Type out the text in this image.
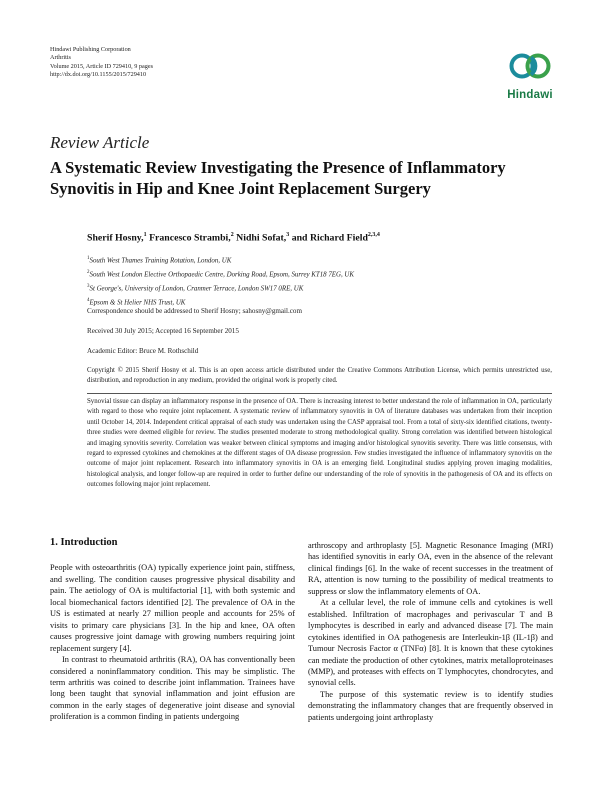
Hindawi Publishing Corporation
Arthritis
Volume 2015, Article ID 729410, 9 pages
http://dx.doi.org/10.1155/2015/729410
Hindawi
Review Article
A Systematic Review Investigating the Presence of Inflammatory Synovitis in Hip and Knee Joint Replacement Surgery
Sherif Hosny,$^1$ Francesco Strambi,$^2$ Nidhi Sofat,$^3$ and Richard Field$^{2,3,4}$
$^1$South West Thames Training Rotation, London, UK
$^2$South West London Elective Orthopaedic Centre, Dorking Road, Epsom, Surrey KT18 7EG, UK
$^3$St George's, University of London, Cranmer Terrace, London SW17 0RE, UK
$^4$Epsom & St Helier NHS Trust, UK
Correspondence should be addressed to Sherif Hosny; sahosny@gmail.com
Received 30 July 2015; Accepted 16 September 2015
Academic Editor: Bruce M. Rothschild
Copyright © 2015 Sherif Hosny et al. This is an open access article distributed under the Creative Commons Attribution License, which permits unrestricted use, distribution, and reproduction in any medium, provided the original work is properly cited.
Synovial tissue can display an inflammatory response in the presence of OA. There is increasing interest to better understand the role of inflammation in OA, particularly with regard to those who require joint replacement. A systematic review of inflammatory synovitis in OA of literature databases was undertaken from their inception until October 14, 2014. Independent critical appraisal of each study was undertaken using the CASP appraisal tool. From a total of sixty-six identified citations, twenty-three studies were deemed eligible for review. The studies presented moderate to strong methodological quality. Strong correlation was identified between histological and imaging synovitis severity. Correlation was weaker between clinical symptoms and imaging and/or histological synovitis severity. There was little consensus, with regard to expressed cytokines and chemokines at the different stages of OA disease progression. Few studies investigated the influence of inflammatory synovitis on the outcome of major joint replacement. Research into inflammatory synovitis in OA is an emerging field. Longitudinal studies applying proven imaging modalities, histological analysis, and longer follow-up are required in order to further define our understanding of the role of synovitis in the pathogenesis of OA and its effects on outcomes following major joint replacement.
1. Introduction

People with osteoarthritis (OA) typically experience joint pain, stiffness, and swelling. The condition causes progressive physical disability and pain. The aetiology of OA is multifactorial [1], with both systemic and local biomechanical factors identified [2]. The prevalence of OA in the US is estimated at nearly 27 million people and accounts for 25% of visits to primary care physicians [3]. In the hip and knee, OA often causes progressive joint damage with growing numbers requiring joint replacement surgery [4].

In contrast to rheumatoid arthritis (RA), OA has conventionally been considered a noninflammatory condition. This may be simplistic. The term arthritis was coined to describe joint inflammation. Trainees have long been taught that synovial inflammation and joint effusion are common in the early stages of degenerative joint disease and synovial proliferation is a common finding in patients undergoing

arthroscopy and arthroplasty [5]. Magnetic Resonance Imaging (MRI) has identified synovitis in early OA, even in the absence of the relevant clinical findings [6]. In the wake of recent successes in the treatment of RA, attention is now turning to the possibility of medical treatments to suppress or slow the inflammatory elements of OA.

At a cellular level, the role of immune cells and cytokines is well established. Infiltration of macrophages and perivascular T and B lymphocytes is described in early and advanced disease [7]. The main cytokines identified in OA pathogenesis are Interleukin-1β (IL-1β) and Tumour Necrosis Factor α (TNFα) [8]. It is known that these cytokines can mediate the production of other cytokines, matrix metalloproteinases (MMP), and proteases with effects on T lymphocytes, chondrocytes, and synovial cells.

The purpose of this systematic review is to identify studies demonstrating the inflammatory changes that are frequently observed in patients undergoing joint arthroplasty
